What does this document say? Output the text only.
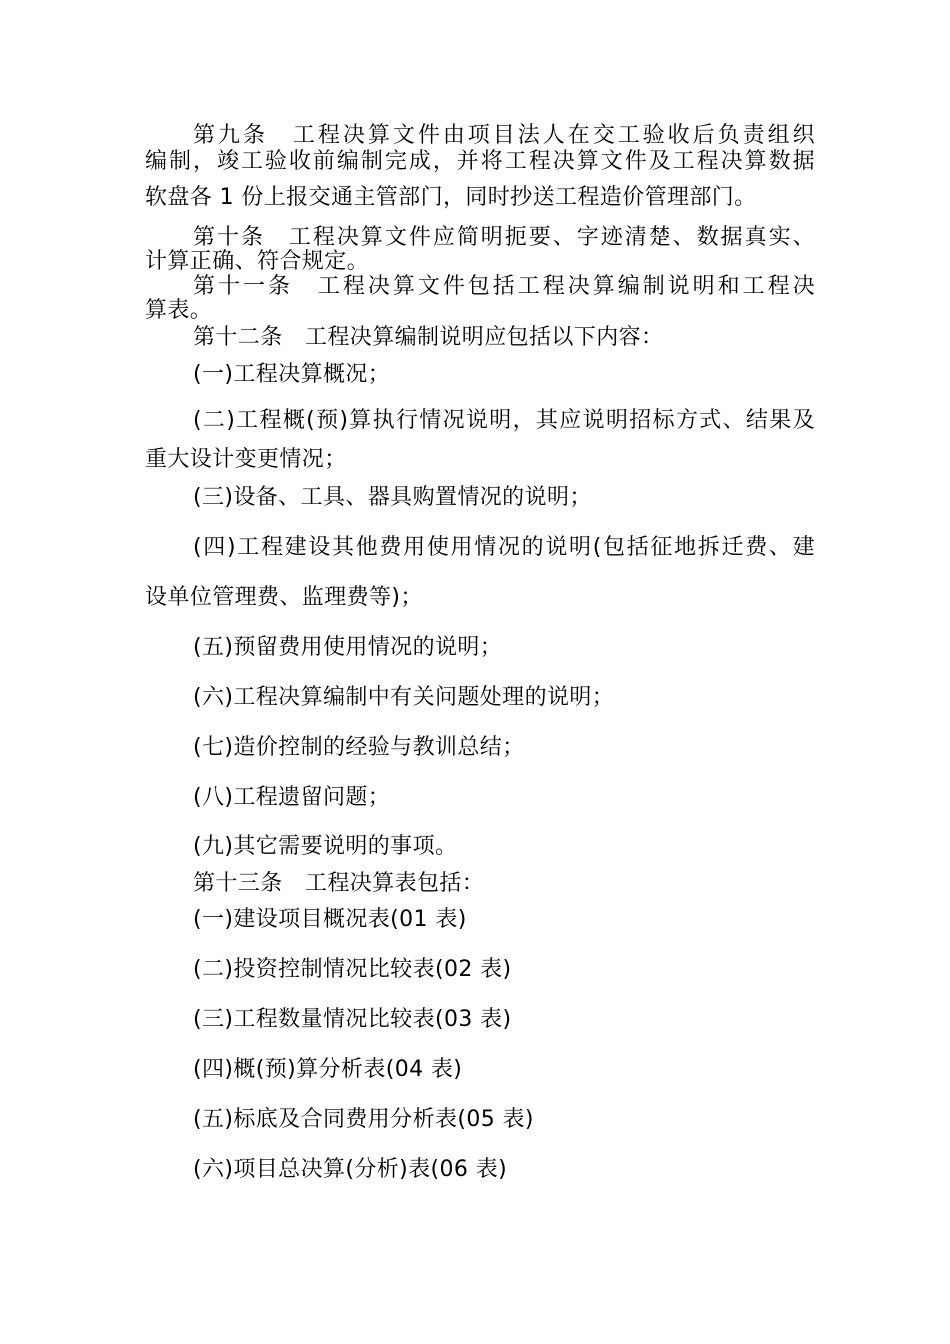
第九条　工程决算文件由项目法人在交工验收后负责组织
编制，竣工验收前编制完成，并将工程决算文件及工程决算数据
软盘各 1 份上报交通主管部门，同时抄送工程造价管理部门。
第十条　工程决算文件应简明扼要、字迹清楚、数据真实、
计算正确、符合规定。
第十一条　工程决算文件包括工程决算编制说明和工程决
算表。
第十二条　工程决算编制说明应包括以下内容：
(一)工程决算概况；
(二)工程概(预)算执行情况说明，其应说明招标方式、结果及
重大设计变更情况；
(三)设备、工具、器具购置情况的说明；
(四)工程建设其他费用使用情况的说明(包括征地拆迁费、建
设单位管理费、监理费等)；
(五)预留费用使用情况的说明；
(六)工程决算编制中有关问题处理的说明；
(七)造价控制的经验与教训总结；
(八)工程遗留问题；
(九)其它需要说明的事项。
第十三条　工程决算表包括：
(一)建设项目概况表(01 表)
(二)投资控制情况比较表(02 表)
(三)工程数量情况比较表(03 表)
(四)概(预)算分析表(04 表)
(五)标底及合同费用分析表(05 表)
(六)项目总决算(分析)表(06 表)
